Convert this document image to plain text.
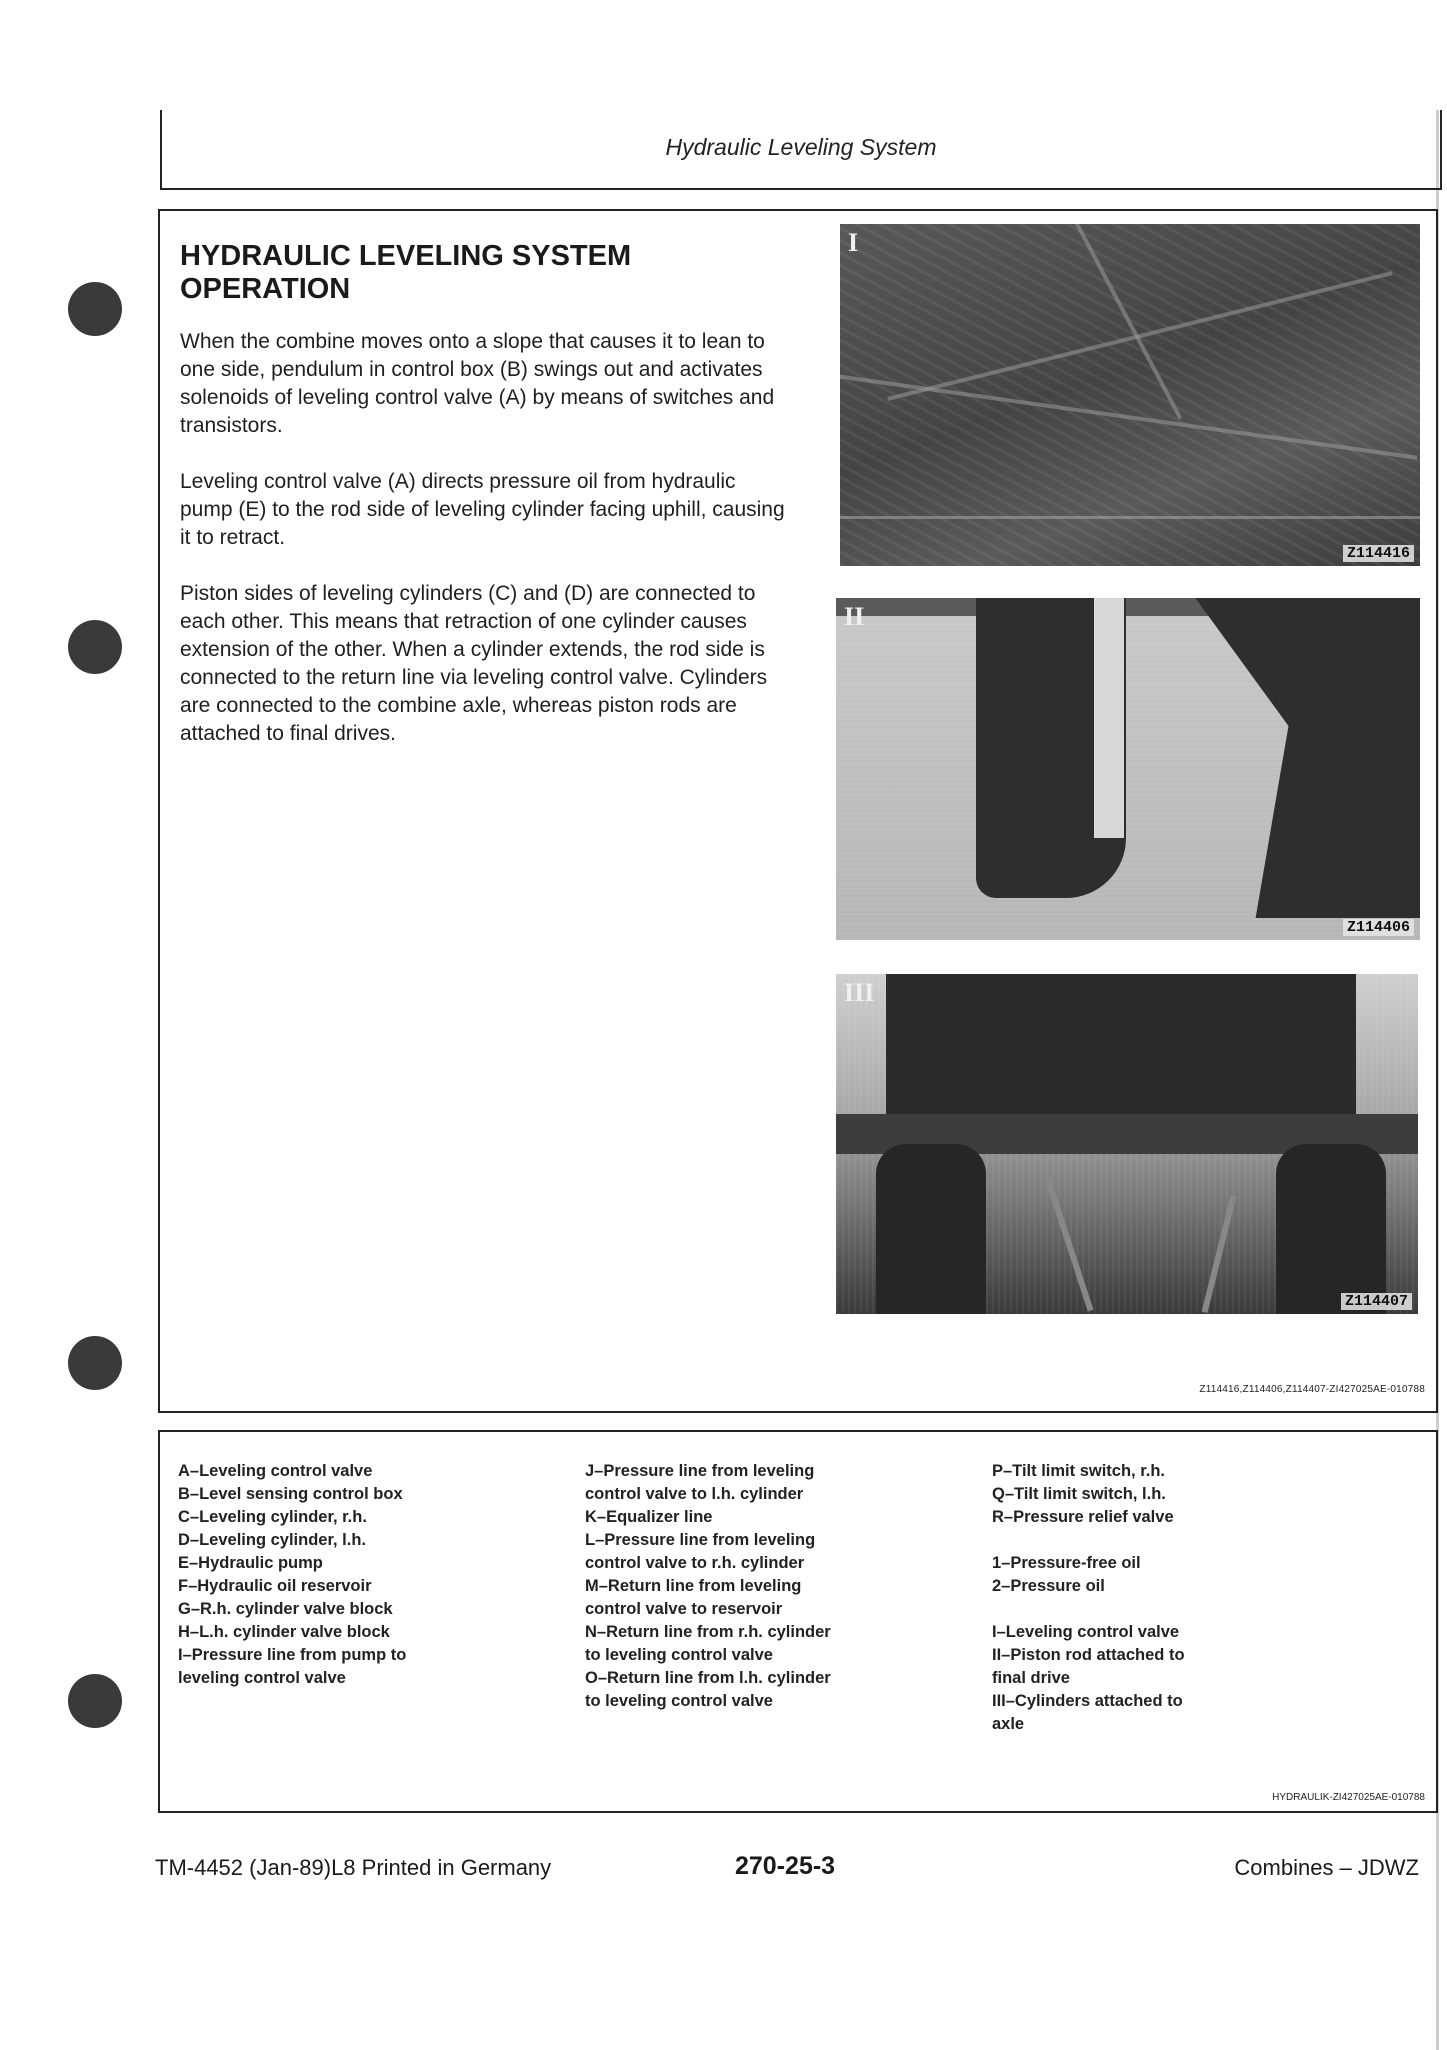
Hydraulic Leveling System
HYDRAULIC LEVELING SYSTEM OPERATION

When the combine moves onto a slope that causes it to lean to one side, pendulum in control box (B) swings out and activates solenoids of leveling control valve (A) by means of switches and transistors.

Leveling control valve (A) directs pressure oil from hydraulic pump (E) to the rod side of leveling cylinder facing uphill, causing it to retract.

Piston sides of leveling cylinders (C) and (D) are connected to each other. This means that retraction of one cylinder causes extension of the other. When a cylinder extends, the rod side is connected to the return line via leveling control valve. Cylinders are connected to the combine axle, whereas piston rods are attached to final drives.

I
Z114416
II
Z114406
III
Z114407
Z114416,Z114406,Z114407-ZI427025AE-010788
A–Leveling control valve
B–Level sensing control box
C–Leveling cylinder, r.h.
D–Leveling cylinder, l.h.
E–Hydraulic pump
F–Hydraulic oil reservoir
G–R.h. cylinder valve block
H–L.h. cylinder valve block
I–Pressure line from pump to
leveling control valve
J–Pressure line from leveling
control valve to l.h. cylinder
K–Equalizer line
L–Pressure line from leveling
control valve to r.h. cylinder
M–Return line from leveling
control valve to reservoir
N–Return line from r.h. cylinder
to leveling control valve
O–Return line from l.h. cylinder
to leveling control valve
P–Tilt limit switch, r.h.
Q–Tilt limit switch, l.h.
R–Pressure relief valve
1–Pressure-free oil
2–Pressure oil
I–Leveling control valve
II–Piston rod attached to
final drive
III–Cylinders attached to
axle
HYDRAULIK-ZI427025AE-010788
TM-4452 (Jan-89)L8 Printed in Germany	270-25-3	Combines – JDWZ
